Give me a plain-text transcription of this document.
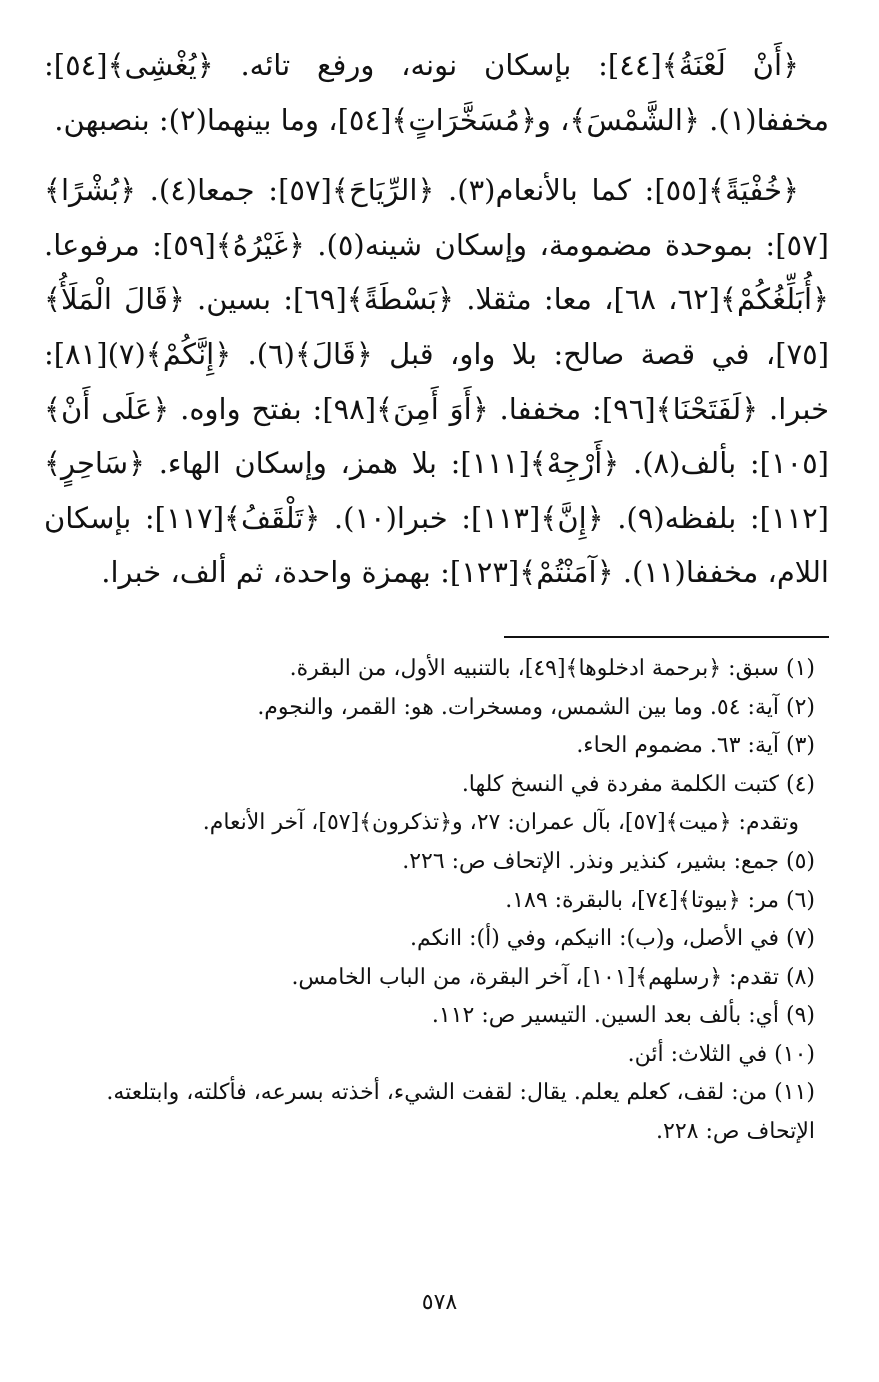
﴿أَنْ لَعْنَةُ﴾[٤٤]: بإسكان نونه، ورفع تائه. ﴿يُغْشِى﴾[٥٤]: مخففا(١). ﴿الشَّمْسَ﴾، و﴿مُسَخَّرَاتٍ﴾[٥٤]، وما بينهما(٢): بنصبهن.

﴿خُفْيَةً﴾[٥٥]: كما بالأنعام(٣). ﴿الرِّيَاحَ﴾[٥٧]: جمعا(٤). ﴿بُشْرًا﴾[٥٧]: بموحدة مضمومة، وإسكان شينه(٥). ﴿غَيْرُهُ﴾[٥٩]: مرفوعا. ﴿أُبَلِّغُكُمْ﴾[٦٢، ٦٨]، معا: مثقلا. ﴿بَسْطَةً﴾[٦٩]: بسين. ﴿قَالَ الْمَلَأُ﴾[٧٥]، في قصة صالح: بلا واو، قبل ﴿قَالَ﴾(٦). ﴿إِنَّكُمْ﴾(٧)[٨١]: خبرا. ﴿لَفَتَحْنَا﴾[٩٦]: مخففا. ﴿أَوَ أَمِنَ﴾[٩٨]: بفتح واوه. ﴿عَلَى أَنْ﴾[١٠٥]: بألف(٨). ﴿أَرْجِهْ﴾[١١١]: بلا همز، وإسكان الهاء. ﴿سَاحِرٍ﴾[١١٢]: بلفظه(٩). ﴿إِنَّ﴾[١١٣]: خبرا(١٠). ﴿تَلْقَفُ﴾[١١٧]: بإسكان اللام، مخففا(١١). ﴿آمَنْتُمْ﴾[١٢٣]: بهمزة واحدة، ثم ألف، خبرا.

(١) سبق: ﴿برحمة ادخلوها﴾[٤٩]، بالتنبيه الأول، من البقرة.

(٢) آية: ٥٤. وما بين الشمس، ومسخرات. هو: القمر، والنجوم.

(٣) آية: ٦٣. مضموم الحاء.

(٤) كتبت الكلمة مفردة في النسخ كلها.

وتقدم: ﴿ميت﴾[٥٧]، بآل عمران: ٢٧، و﴿تذكرون﴾[٥٧]، آخر الأنعام.

(٥) جمع: بشير، كنذير ونذر. الإتحاف ص: ٢٢٦.

(٦) مر: ﴿بيوتا﴾[٧٤]، بالبقرة: ١٨٩.

(٧) في الأصل، و(ب): اانيكم، وفي (أ): اانكم.

(٨) تقدم: ﴿رسلهم﴾[١٠١]، آخر البقرة، من الباب الخامس.

(٩) أي: بألف بعد السين. التيسير ص: ١١٢.

(١٠) في الثلاث: أئن.

(١١) من: لقف، كعلم يعلم. يقال: لقفت الشيء، أخذته بسرعه، فأكلته، وابتلعته. الإتحاف ص: ٢٢٨.

٥٧٨
